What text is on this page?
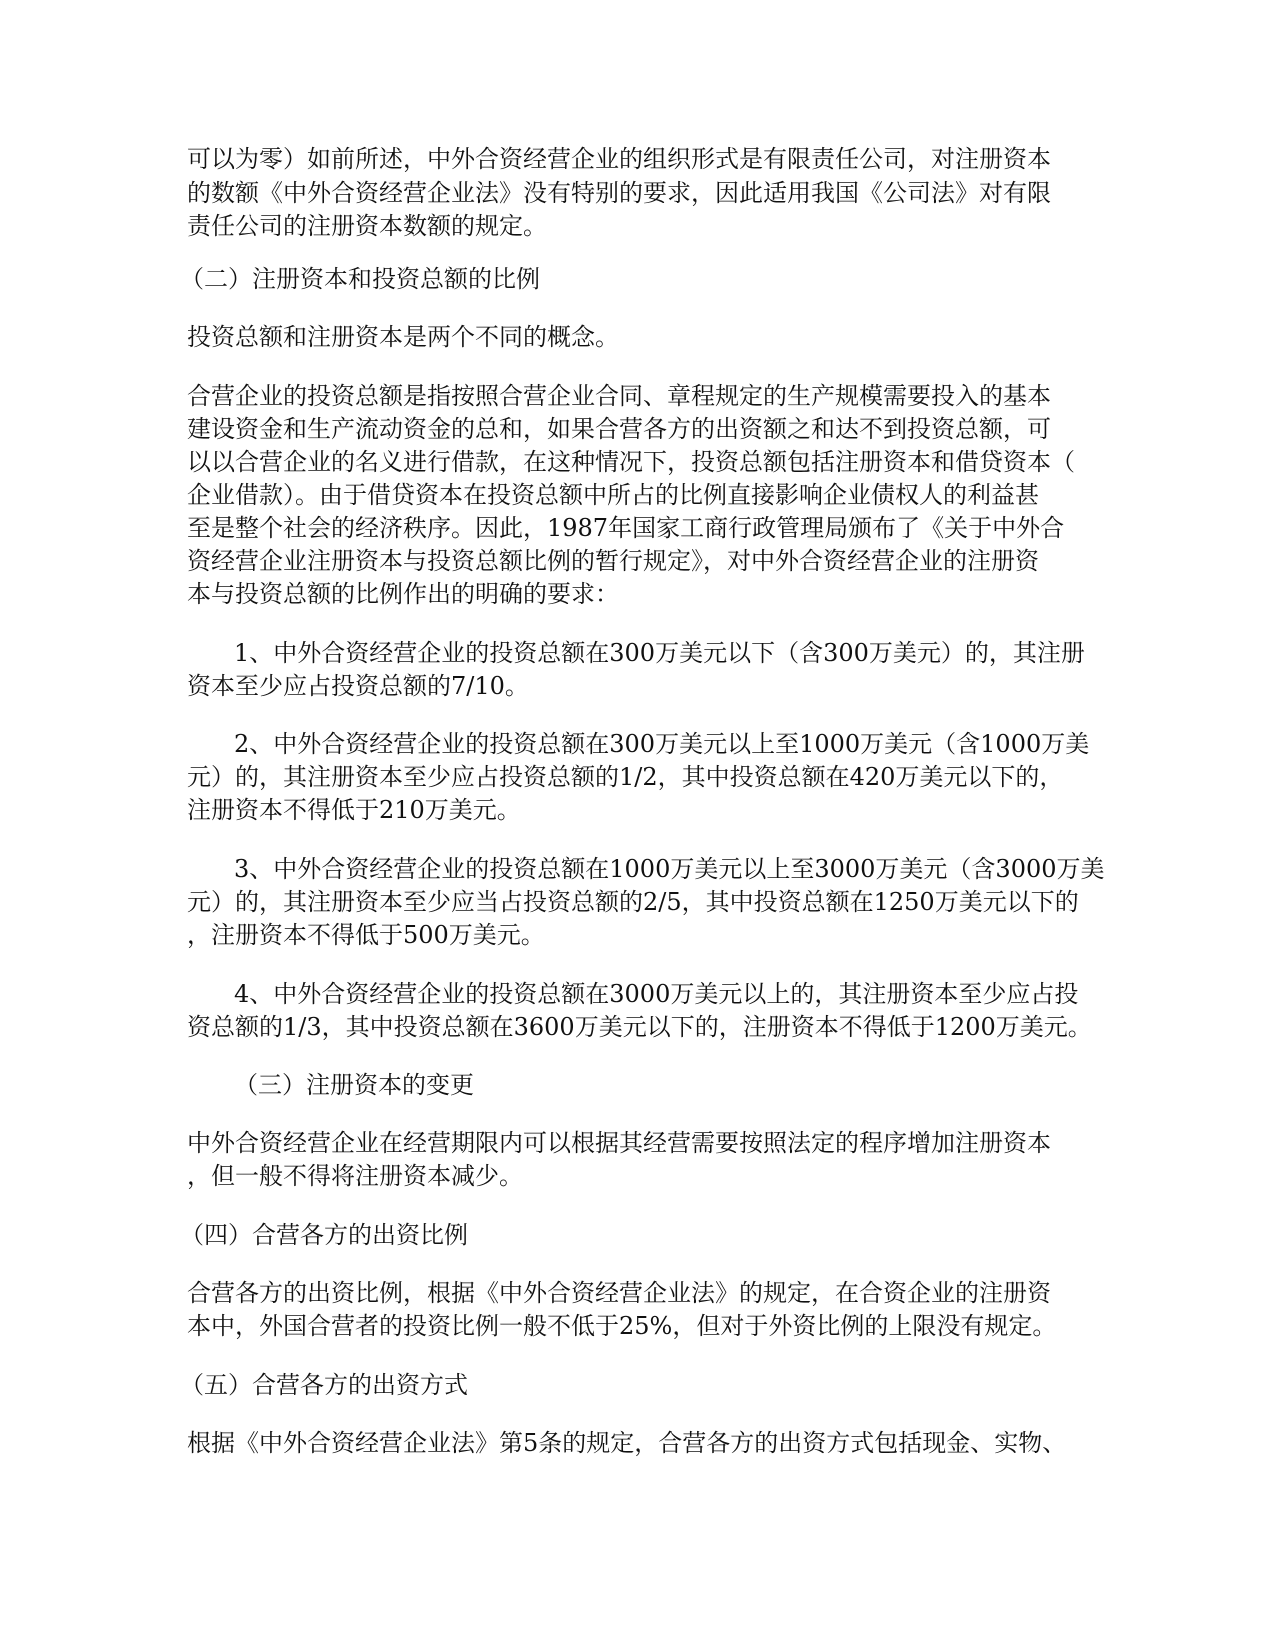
可以为零）如前所述，中外合资经营企业的组织形式是有限责任公司，对注册资本

的数额《中外合资经营企业法》没有特别的要求，因此适用我国《公司法》对有限

责任公司的注册资本数额的规定。

（二）注册资本和投资总额的比例

投资总额和注册资本是两个不同的概念。

合营企业的投资总额是指按照合营企业合同、章程规定的生产规模需要投入的基本

建设资金和生产流动资金的总和，如果合营各方的出资额之和达不到投资总额，可

以以合营企业的名义进行借款，在这种情况下，投资总额包括注册资本和借贷资本（

企业借款）。由于借贷资本在投资总额中所占的比例直接影响企业债权人的利益甚

至是整个社会的经济秩序。因此，1987年国家工商行政管理局颁布了《关于中外合

资经营企业注册资本与投资总额比例的暂行规定》，对中外合资经营企业的注册资

本与投资总额的比例作出的明确的要求：

1、中外合资经营企业的投资总额在300万美元以下（含300万美元）的，其注册

资本至少应占投资总额的7/10。

2、中外合资经营企业的投资总额在300万美元以上至1000万美元（含1000万美

元）的，其注册资本至少应占投资总额的1/2，其中投资总额在420万美元以下的，

注册资本不得低于210万美元。

3、中外合资经营企业的投资总额在1000万美元以上至3000万美元（含3000万美

元）的，其注册资本至少应当占投资总额的2/5，其中投资总额在1250万美元以下的

，注册资本不得低于500万美元。

4、中外合资经营企业的投资总额在3000万美元以上的，其注册资本至少应占投

资总额的1/3，其中投资总额在3600万美元以下的，注册资本不得低于1200万美元。

（三）注册资本的变更

中外合资经营企业在经营期限内可以根据其经营需要按照法定的程序增加注册资本

，但一般不得将注册资本减少。

（四）合营各方的出资比例

合营各方的出资比例，根据《中外合资经营企业法》的规定，在合资企业的注册资

本中，外国合营者的投资比例一般不低于25%，但对于外资比例的上限没有规定。

（五）合营各方的出资方式

根据《中外合资经营企业法》第5条的规定，合营各方的出资方式包括现金、实物、
